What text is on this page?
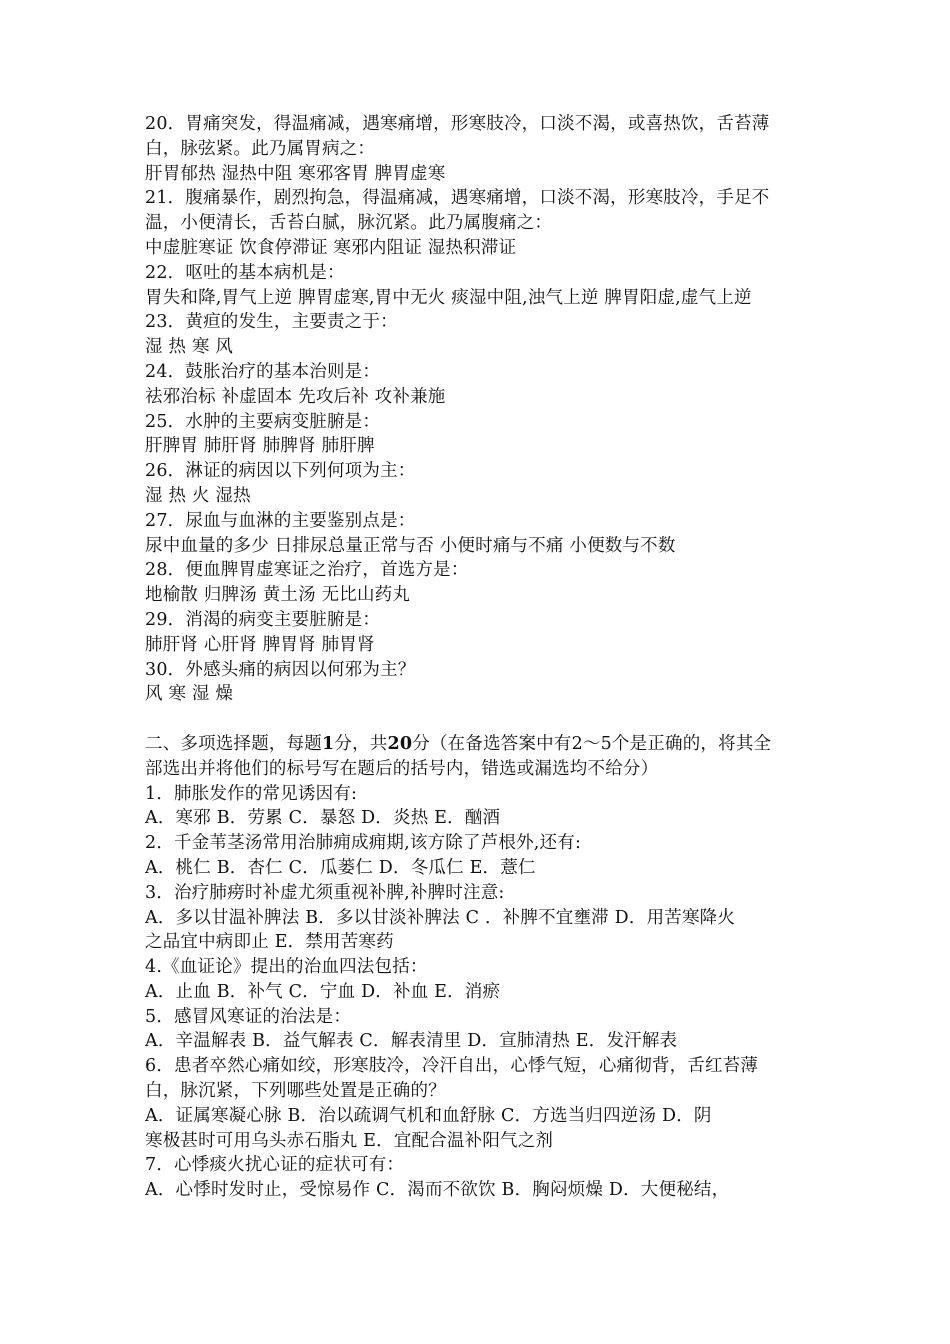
20．胃痛突发，得温痛减，遇寒痛增，形寒肢冷，口淡不渴，或喜热饮，舌苔薄
白，脉弦紧。此乃属胃病之：
肝胃郁热 湿热中阻 寒邪客胃 脾胃虚寒
21．腹痛暴作，剧烈拘急，得温痛减，遇寒痛增，口淡不渴，形寒肢冷，手足不
温，小便清长，舌苔白腻，脉沉紧。此乃属腹痛之：
中虚脏寒证 饮食停滞证 寒邪内阻证 湿热积滞证
22．呕吐的基本病机是：
胃失和降,胃气上逆 脾胃虚寒,胃中无火 痰湿中阻,浊气上逆 脾胃阳虚,虚气上逆
23．黄疸的发生，主要责之于：
湿 热 寒 风
24．鼓胀治疗的基本治则是：
祛邪治标 补虚固本 先攻后补 攻补兼施
25．水肿的主要病变脏腑是：
肝脾胃 肺肝肾 肺脾肾 肺肝脾
26．淋证的病因以下列何项为主：
湿 热 火 湿热
27．尿血与血淋的主要鉴别点是：
尿中血量的多少 日排尿总量正常与否 小便时痛与不痛 小便数与不数
28．便血脾胃虚寒证之治疗，首选方是：
地榆散 归脾汤 黄土汤 无比山药丸
29．消渴的病变主要脏腑是：
肺肝肾 心肝肾 脾胃肾 肺胃肾
30．外感头痛的病因以何邪为主？
风 寒 湿 燥
二、多项选择题，每题1分，共20分（在备选答案中有2～5个是正确的，将其全
部选出并将他们的标号写在题后的括号内，错选或漏选均不给分）
1．肺胀发作的常见诱因有:
A．寒邪 B．劳累 C．暴怒 D．炎热 E．酗酒
2．千金苇茎汤常用治肺痈成痈期,该方除了芦根外,还有:
A．桃仁 B．杏仁 C．瓜蒌仁 D．冬瓜仁 E．薏仁
3．治疗肺痨时补虚尤须重视补脾,补脾时注意:
A．多以甘温补脾法 B．多以甘淡补脾法 C ．补脾不宜壅滞 D．用苦寒降火
之品宜中病即止 E．禁用苦寒药
4.《血证论》提出的治血四法包括：
A．止血 B．补气 C．宁血 D．补血 E．消瘀
5．感冒风寒证的治法是：
A．辛温解表 B．益气解表 C．解表清里 D．宣肺清热 E．发汗解表
6．患者卒然心痛如绞，形寒肢冷，冷汗自出，心悸气短，心痛彻背，舌红苔薄
白，脉沉紧，下列哪些处置是正确的？
A．证属寒凝心脉 B．治以疏调气机和血舒脉 C．方选当归四逆汤 D．阴
寒极甚时可用乌头赤石脂丸 E．宜配合温补阳气之剂
7．心悸痰火扰心证的症状可有：
A．心悸时发时止，受惊易作 C．渴而不欲饮 B．胸闷烦燥 D．大便秘结，
